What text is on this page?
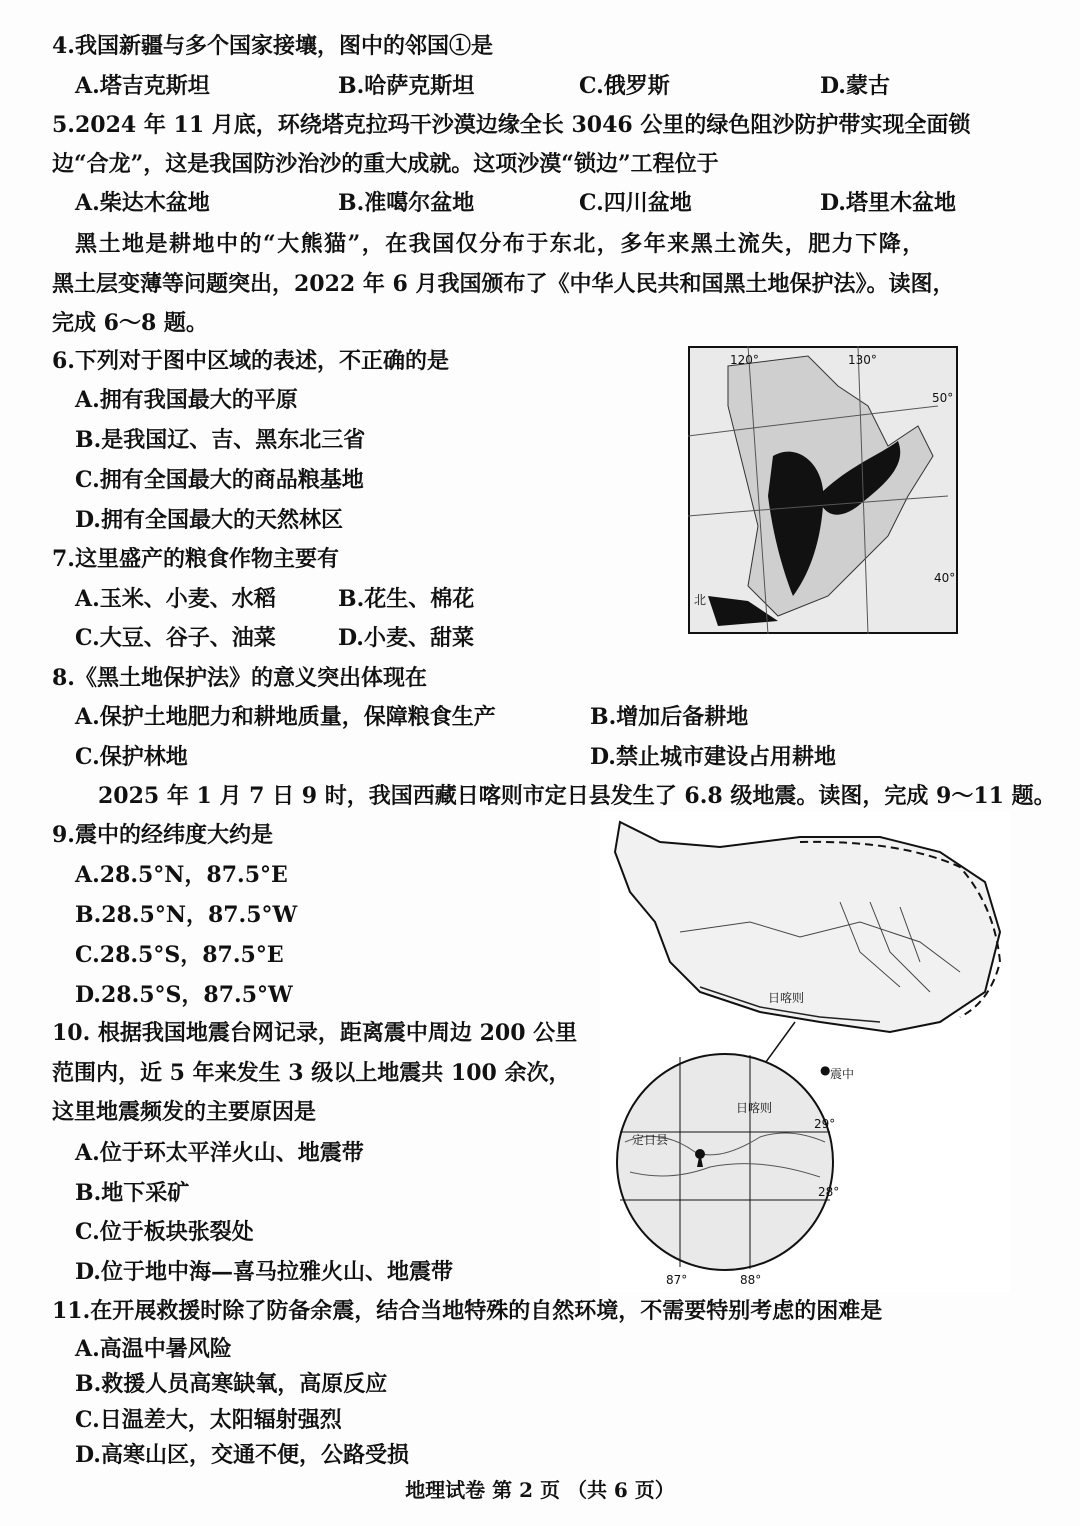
4.我国新疆与多个国家接壤，图中的邻国①是
A.塔吉克斯坦	B.哈萨克斯坦	C.俄罗斯	D.蒙古
5.2024 年 11 月底，环绕塔克拉玛干沙漠边缘全长 3046 公里的绿色阻沙防护带实现全面锁
边“合龙”，这是我国防沙治沙的重大成就。这项沙漠“锁边”工程位于
A.柴达木盆地	B.准噶尔盆地	C.四川盆地	D.塔里木盆地
黑土地是耕地中的“大熊猫”，在我国仅分布于东北，多年来黑土流失，肥力下降，
黑土层变薄等问题突出，2022 年 6 月我国颁布了《中华人民共和国黑土地保护法》。读图，
完成 6～8 题。
6.下列对于图中区域的表述，不正确的是
A.拥有我国最大的平原
B.是我国辽、吉、黑东北三省
C.拥有全国最大的商品粮基地
D.拥有全国最大的天然林区
7.这里盛产的粮食作物主要有
A.玉米、小麦、水稻	B.花生、棉花
C.大豆、谷子、油菜	D.小麦、甜菜
8.《黑土地保护法》的意义突出体现在
A.保护土地肥力和耕地质量，保障粮食生产	B.增加后备耕地
C.保护林地	D.禁止城市建设占用耕地
2025 年 1 月 7 日 9 时，我国西藏日喀则市定日县发生了 6.8 级地震。读图，完成 9～11 题。
9.震中的经纬度大约是
A.28.5°N，87.5°E
B.28.5°N，87.5°W
C.28.5°S，87.5°E
D.28.5°S，87.5°W
10. 根据我国地震台网记录，距离震中周边 200 公里
范围内，近 5 年来发生 3 级以上地震共 100 余次，
这里地震频发的主要原因是
A.位于环太平洋火山、地震带
B.地下采矿
C.位于板块张裂处
D.位于地中海—喜马拉雅火山、地震带
11.在开展救援时除了防备余震，结合当地特殊的自然环境，不需要特别考虑的困难是
A.高温中暑风险
B.救援人员高寒缺氧，高原反应
C.日温差大，太阳辐射强烈
D.高寒山区，交通不便，公路受损
120°	130°
50°
40°
北
日喀则
震中
●
日喀则
定日县
29°
28°
87°	88°
地理试卷 第 2 页 （共 6 页）
